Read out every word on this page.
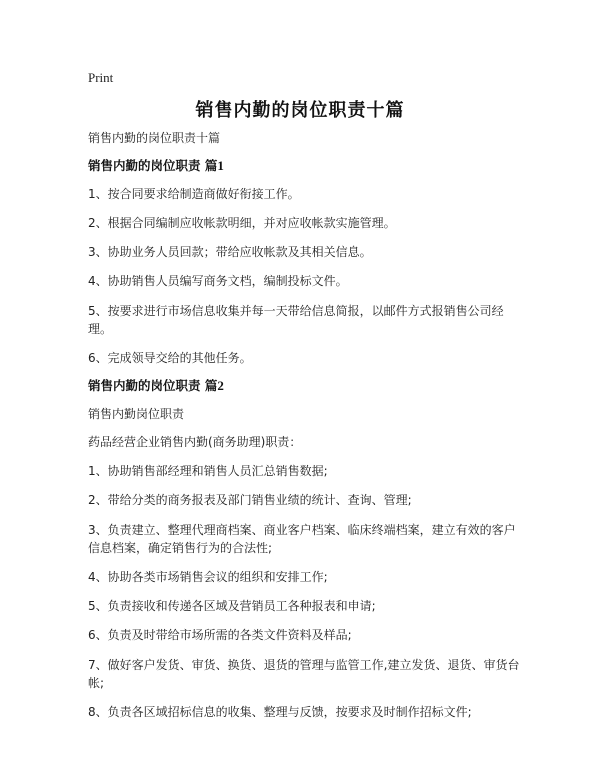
Print
销售内勤的岗位职责十篇

销售内勤的岗位职责十篇

销售内勤的岗位职责 篇1

1、按合同要求给制造商做好衔接工作。

2、根据合同编制应收帐款明细，并对应收帐款实施管理。

3、协助业务人员回款；带给应收帐款及其相关信息。

4、协助销售人员编写商务文档，编制投标文件。

5、按要求进行市场信息收集并每一天带给信息简报，以邮件方式报销售公司经理。

6、完成领导交给的其他任务。

销售内勤的岗位职责 篇2

销售内勤岗位职责

药品经营企业销售内勤(商务助理)职责：

1、协助销售部经理和销售人员汇总销售数据;

2、带给分类的商务报表及部门销售业绩的统计、查询、管理;

3、负责建立、整理代理商档案、商业客户档案、临床终端档案，建立有效的客户信息档案，确定销售行为的合法性;

4、协助各类市场销售会议的组织和安排工作;

5、负责接收和传递各区域及营销员工各种报表和申请;

6、负责及时带给市场所需的各类文件资料及样品;

7、做好客户发货、审货、换货、退货的管理与监管工作,建立发货、退货、审货台帐;

8、负责各区域招标信息的收集、整理与反馈，按要求及时制作招标文件;
